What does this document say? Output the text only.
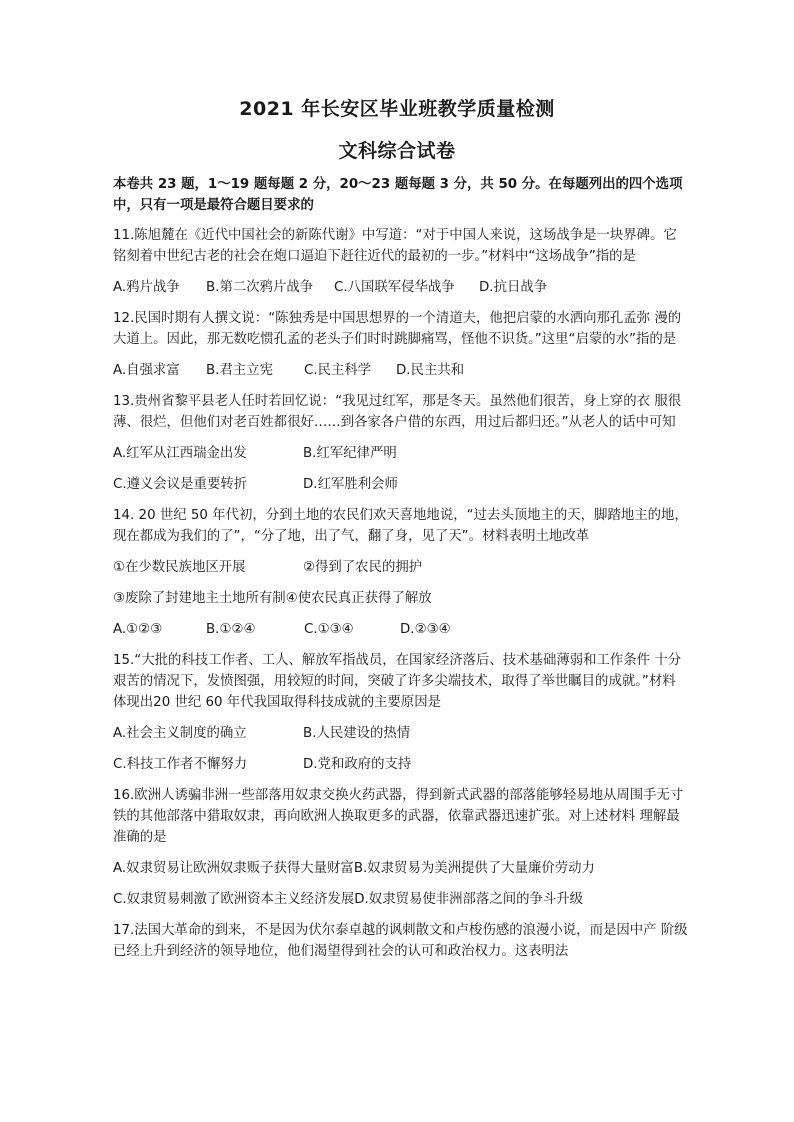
2021 年长安区毕业班教学质量检测
文科综合试卷

本卷共 23 题，1～19 题每题 2 分，20～23 题每题 3 分，共 50 分。在每题列出的四个选项 中，只有一项是最符合题目要求的

11.陈旭麓在《近代中国社会的新陈代谢》中写道：“对于中国人来说，这场战争是一块界碑。它铭刻着中世纪古老的社会在炮口逼迫下赶往近代的最初的一步。”材料中“这场战争”指的是

A.鸦片战争 B.第二次鸦片战争 C.八国联军侵华战争 D.抗日战争

12.民国时期有人撰文说：“陈独秀是中国思想界的一个清道夫，他把启蒙的水洒向那孔孟弥 漫的大道上。因此，那无数吃惯孔孟的老头子们时时跳脚痛骂，怪他不识货。”这里“启蒙的水”指的是

A.自强求富 B.君主立宪 C.民主科学 D.民主共和

13.贵州省黎平县老人任时若回忆说：“我见过红军，那是冬天。虽然他们很苦，身上穿的衣 服很薄、很烂，但他们对老百姓都很好……到各家各户借的东西，用过后都归还。”从老人的话中可知

A.红军从江西瑞金出发	B.红军纪律严明
C.遵义会议是重要转折	D.红军胜利会师

14. 20 世纪 50 年代初，分到土地的农民们欢天喜地地说，“过去头顶地主的天，脚踏地主的地，现在都成为我们的了”，“分了地，出了气，翻了身，见了天”。材料表明土地改革

①在少数民族地区开展	②得到了农民的拥护
③废除了封建地主土地所有制④使农民真正获得了解放
A.①②③	B.①②④	C.①③④	D.②③④

15.“大批的科技工作者、工人、解放军指战员，在国家经济落后、技术基础薄弱和工作条件 十分艰苦的情况下，发愤图强，用较短的时间，突破了许多尖端技术，取得了举世瞩目的成就。”材料体现出20 世纪 60 年代我国取得科技成就的主要原因是

A.社会主义制度的确立	B.人民建设的热情
C.科技工作者不懈努力	D.党和政府的支持

16.欧洲人诱骗非洲一些部落用奴隶交换火药武器，得到新式武器的部落能够轻易地从周围手无寸铁的其他部落中猎取奴隶，再向欧洲人换取更多的武器，依靠武器迅速扩张。对上述材料 理解最准确的是

A.奴隶贸易让欧洲奴隶贩子获得大量财富B.奴隶贸易为美洲提供了大量廉价劳动力
C.奴隶贸易刺激了欧洲资本主义经济发展D.奴隶贸易使非洲部落之间的争斗升级

17.法国大革命的到来，不是因为伏尔泰卓越的讽刺散文和卢梭伤感的浪漫小说，而是因中产 阶级已经上升到经济的领导地位，他们渴望得到社会的认可和政治权力。这表明法
